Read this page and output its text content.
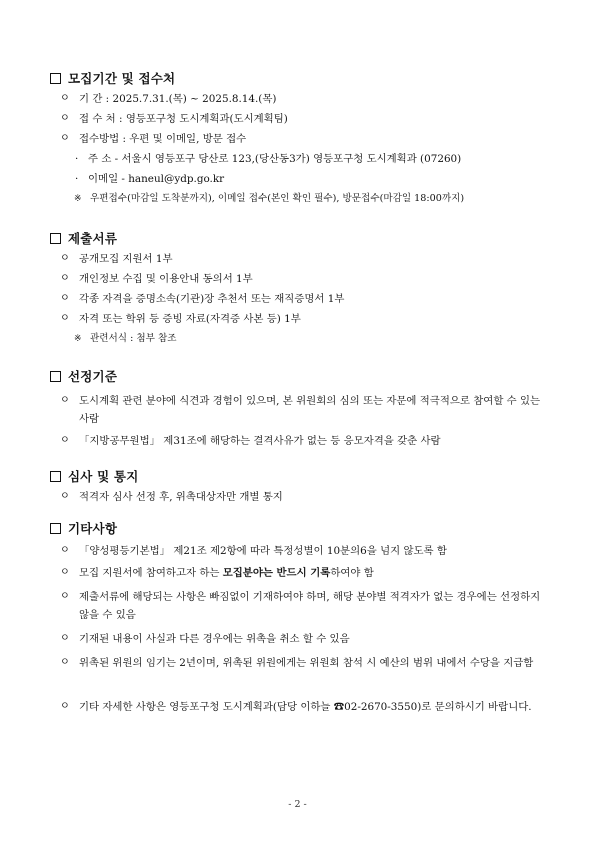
모집기간 및 접수처

ㅇ 기 간 : 2025.7.31.(목) ~ 2025.8.14.(목)

ㅇ 접 수 처 : 영등포구청 도시계획과(도시계획팀)

ㅇ 접수방법 : 우편 및 이메일, 방문 접수

· 주 소 - 서울시 영등포구 당산로 123,(당산동3가) 영등포구청 도시계획과 (07260)

· 이메일 - haneul@ydp.go.kr

※ 우편접수(마감일 도착분까지), 이메일 접수(본인 확인 필수), 방문접수(마감일 18:00까지)

제출서류

ㅇ 공개모집 지원서 1부

ㅇ 개인정보 수집 및 이용안내 동의서 1부

ㅇ 각종 자격을 증명소속(기관)장 추천서 또는 재직증명서 1부

ㅇ 자격 또는 학위 등 증빙 자료(자격증 사본 등) 1부

※ 관련서식 : 첨부 참조

선정기준

ㅇ 도시계획 관련 분야에 식견과 경험이 있으며, 본 위원회의 심의 또는 자문에 적극적으로 참여할 수 있는 사람

ㅇ 「지방공무원법」 제31조에 해당하는 결격사유가 없는 등 응모자격을 갖춘 사람

심사 및 통지

ㅇ 적격자 심사 선정 후, 위촉대상자만 개별 통지

기타사항

ㅇ 「양성평등기본법」 제21조 제2항에 따라 특정성별이 10분의6을 넘지 않도록 함

ㅇ 모집 지원서에 참여하고자 하는 모집분야는 반드시 기록하여야 함

ㅇ 제출서류에 해당되는 사항은 빠짐없이 기재하여야 하며, 해당 분야별 적격자가 없는 경우에는 선정하지 않을 수 있음

ㅇ 기재된 내용이 사실과 다른 경우에는 위촉을 취소 할 수 있음

ㅇ 위촉된 위원의 임기는 2년이며, 위촉된 위원에게는 위원회 참석 시 예산의 범위 내에서 수당을 지급함

ㅇ 기타 자세한 사항은 영등포구청 도시계획과(담당 이하늘 ☎02-2670-3550)로 문의하시기 바랍니다.

- 2 -
